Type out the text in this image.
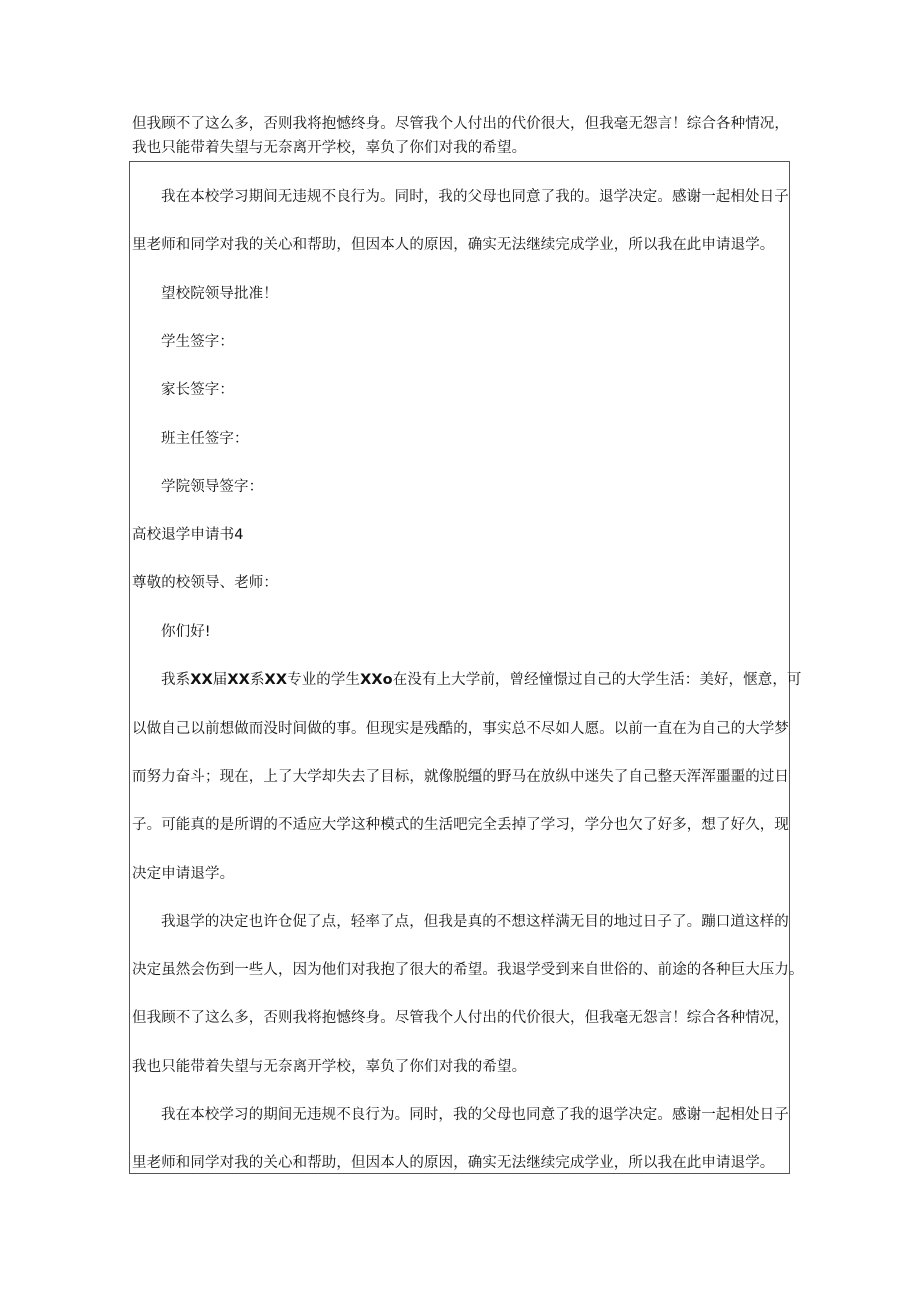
但我顾不了这么多，否则我将抱憾终身。尽管我个人付出的代价很大，但我毫无怨言！综合各种情况，
我也只能带着失望与无奈离开学校，辜负了你们对我的希望。
我在本校学习期间无违规不良行为。同时，我的父母也同意了我的。退学决定。感谢一起相处日子
里老师和同学对我的关心和帮助，但因本人的原因，确实无法继续完成学业，所以我在此申请退学。
望校院领导批准！
学生签字：
家长签字：
班主任签字：
学院领导签字：
高校退学申请书4
尊敬的校领导、老师：
你们好!
我系XX届XX系XX专业的学生XXo在没有上大学前，曾经憧憬过自己的大学生活：美好，惬意，可
以做自己以前想做而没时间做的事。但现实是残酷的，事实总不尽如人愿。以前一直在为自己的大学梦
而努力奋斗；现在，上了大学却失去了目标，就像脱缰的野马在放纵中迷失了自己整天浑浑噩噩的过日
子。可能真的是所谓的不适应大学这种模式的生活吧完全丢掉了学习，学分也欠了好多，想了好久，现
决定申请退学。
我退学的决定也许仓促了点，轻率了点，但我是真的不想这样满无目的地过日子了。蹦口道这样的
决定虽然会伤到一些人，因为他们对我抱了很大的希望。我退学受到来自世俗的、前途的各种巨大压力。
但我顾不了这么多，否则我将抱憾终身。尽管我个人付出的代价很大，但我毫无怨言！综合各种情况，
我也只能带着失望与无奈离开学校，辜负了你们对我的希望。
我在本校学习的期间无违规不良行为。同时，我的父母也同意了我的退学决定。感谢一起相处日子
里老师和同学对我的关心和帮助，但因本人的原因，确实无法继续完成学业，所以我在此申请退学。
